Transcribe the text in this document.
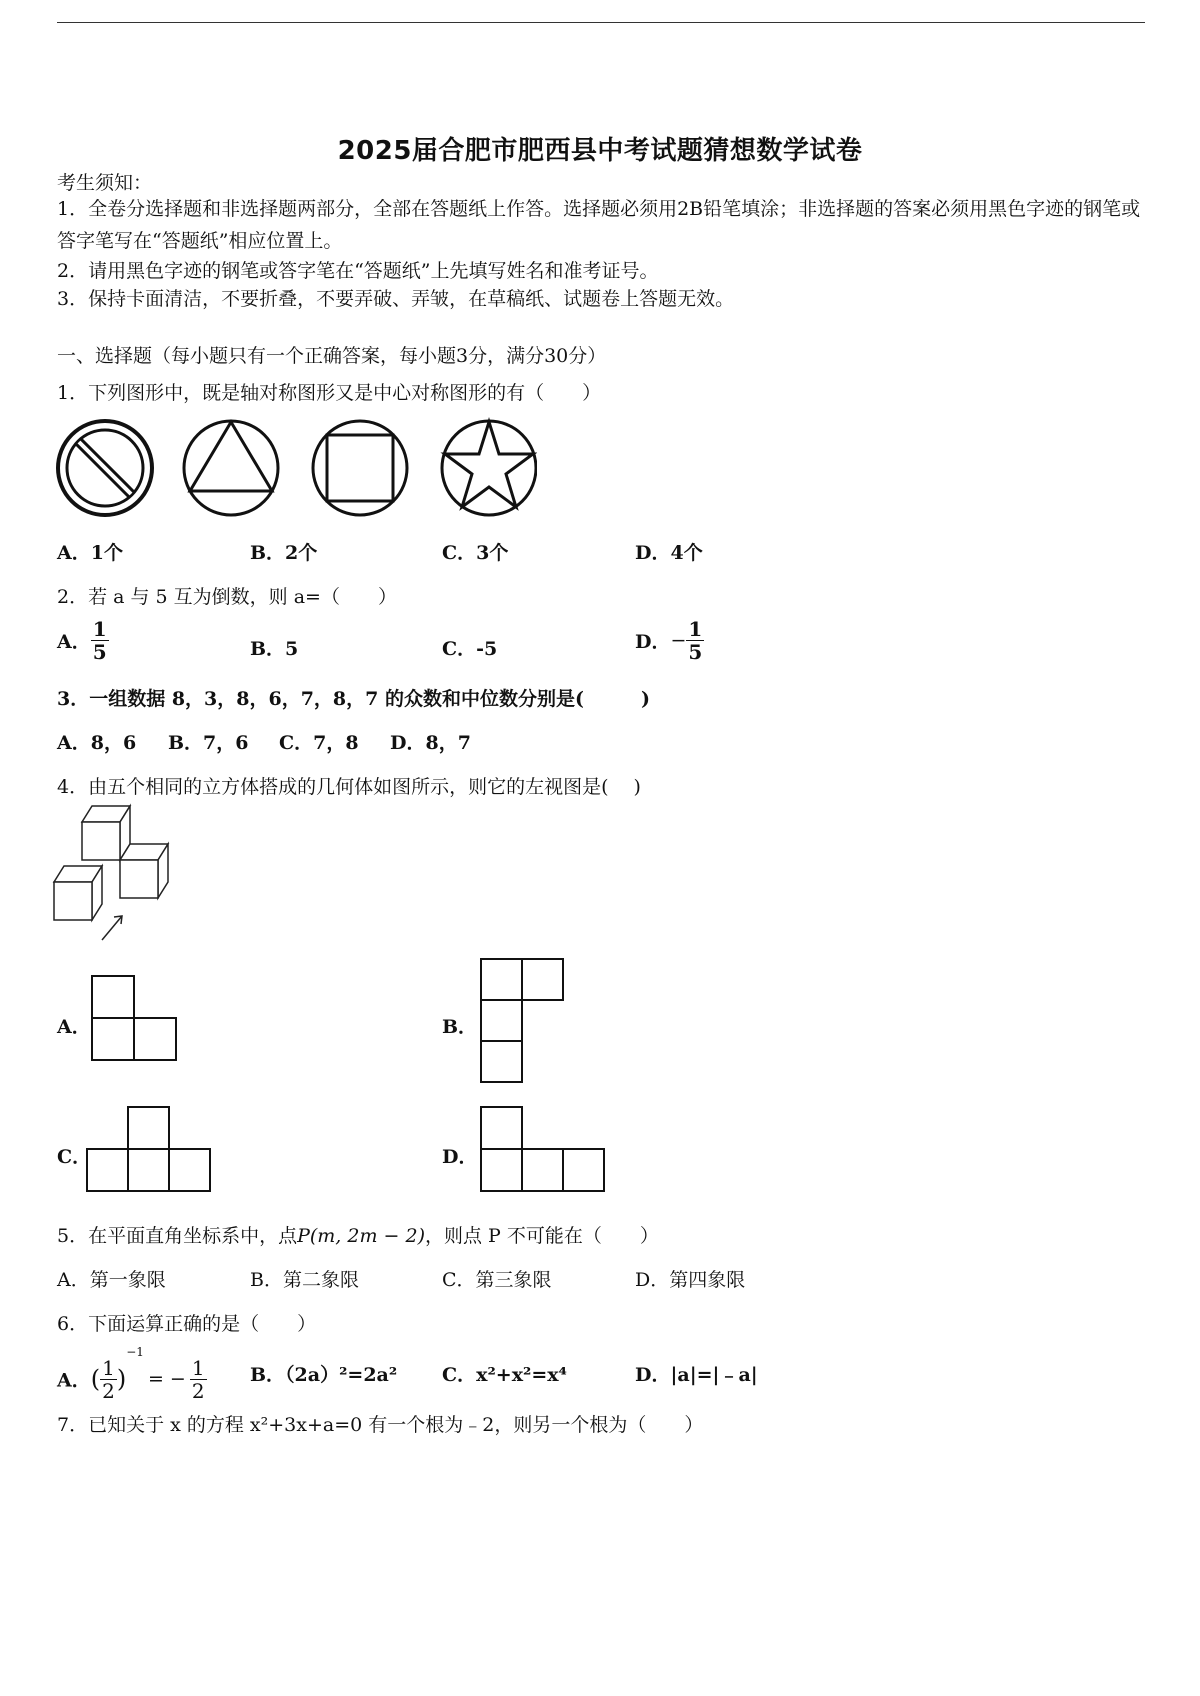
2025届合肥市肥西县中考试题猜想数学试卷
考生须知：
1．全卷分选择题和非选择题两部分，全部在答题纸上作答。选择题必须用2B铅笔填涂；非选择题的答案必须用黑色字迹的钢笔或答字笔写在“答题纸”相应位置上。
2．请用黑色字迹的钢笔或答字笔在“答题纸”上先填写姓名和准考证号。
3．保持卡面清洁，不要折叠，不要弄破、弄皱，在草稿纸、试题卷上答题无效。
一、选择题（每小题只有一个正确答案，每小题3分，满分30分）
1．下列图形中，既是轴对称图形又是中心对称图形的有（　　）
A．1个	B．2个	C．3个	D．4个
2．若 a 与 5 互为倒数，则 a=（　　）
A． $\frac{1}{5}$	B．5	C．-5	D．− $\frac{1}{5}$
3．一组数据 8，3，8，6，7，8，7 的众数和中位数分别是(　　　)
A．8，6 B．7，6 C．7，8 D．8，7
4．由五个相同的立方体搭成的几何体如图所示，则它的左视图是(　 )
A．	B．
C．	D．
5．在平面直角坐标系中，点P(m, 2m − 2)，则点 P 不可能在（　　）
A．第一象限	B．第二象限	C．第三象限	D．第四象限
6．下面运算正确的是（　　）
A．( $\frac{1}{2} )^{-1}= - \frac{1}{2}$ B．（2a）²=2a² C．x²+x²=x⁴	D．|a|=|﹣a|
7．已知关于 x 的方程 x²+3x+a=0 有一个根为﹣2，则另一个根为（　　）
